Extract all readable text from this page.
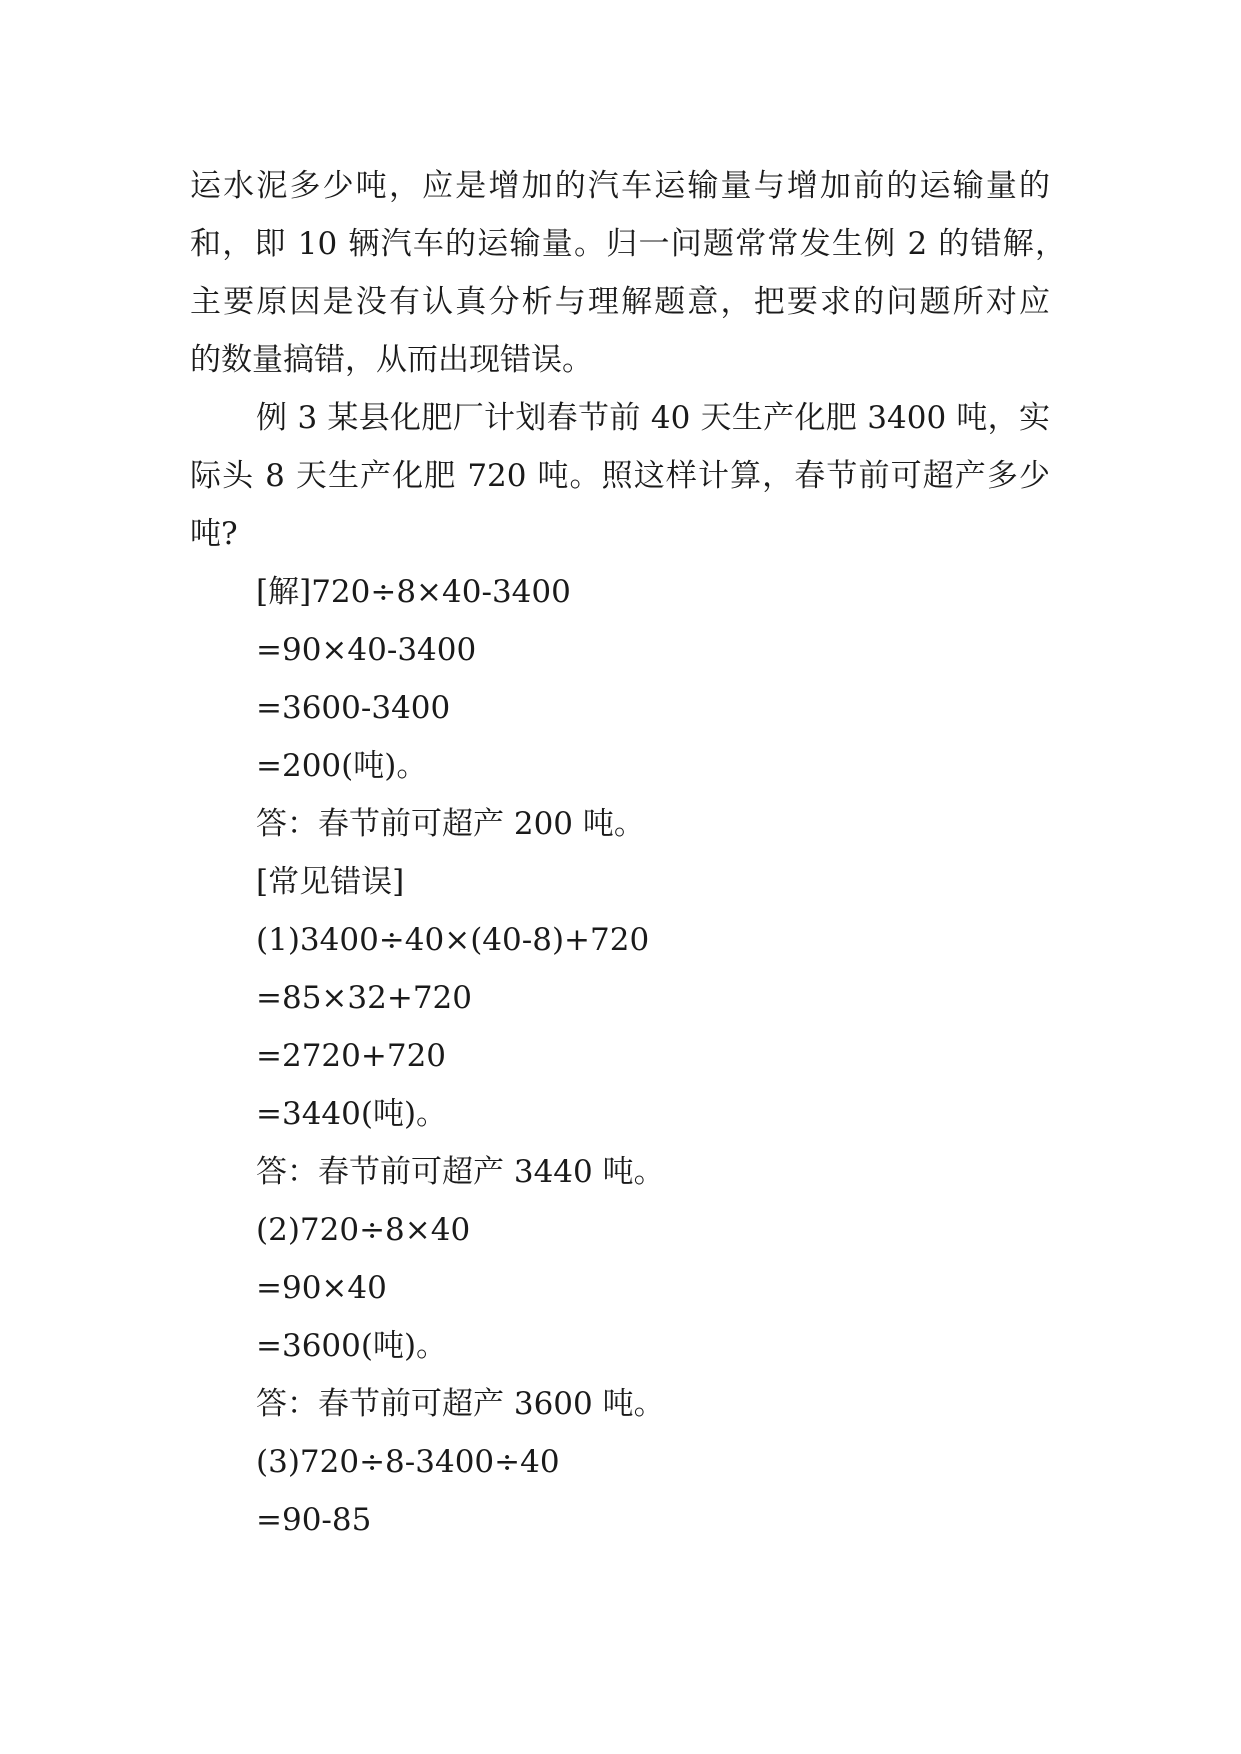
运水泥多少吨，应是增加的汽车运输量与增加前的运输量的
和，即 10 辆汽车的运输量。归一问题常常发生例 2 的错解，
主要原因是没有认真分析与理解题意，把要求的问题所对应
的数量搞错，从而出现错误。
例 3 某县化肥厂计划春节前 40 天生产化肥 3400 吨，实
际头 8 天生产化肥 720 吨。照这样计算，春节前可超产多少
吨?
[解]720÷8×40-3400
=90×40-3400
=3600-3400
=200(吨)。
答：春节前可超产 200 吨。
[常见错误]
(1)3400÷40×(40-8)+720
=85×32+720
=2720+720
=3440(吨)。
答：春节前可超产 3440 吨。
(2)720÷8×40
=90×40
=3600(吨)。
答：春节前可超产 3600 吨。
(3)720÷8-3400÷40
=90-85
